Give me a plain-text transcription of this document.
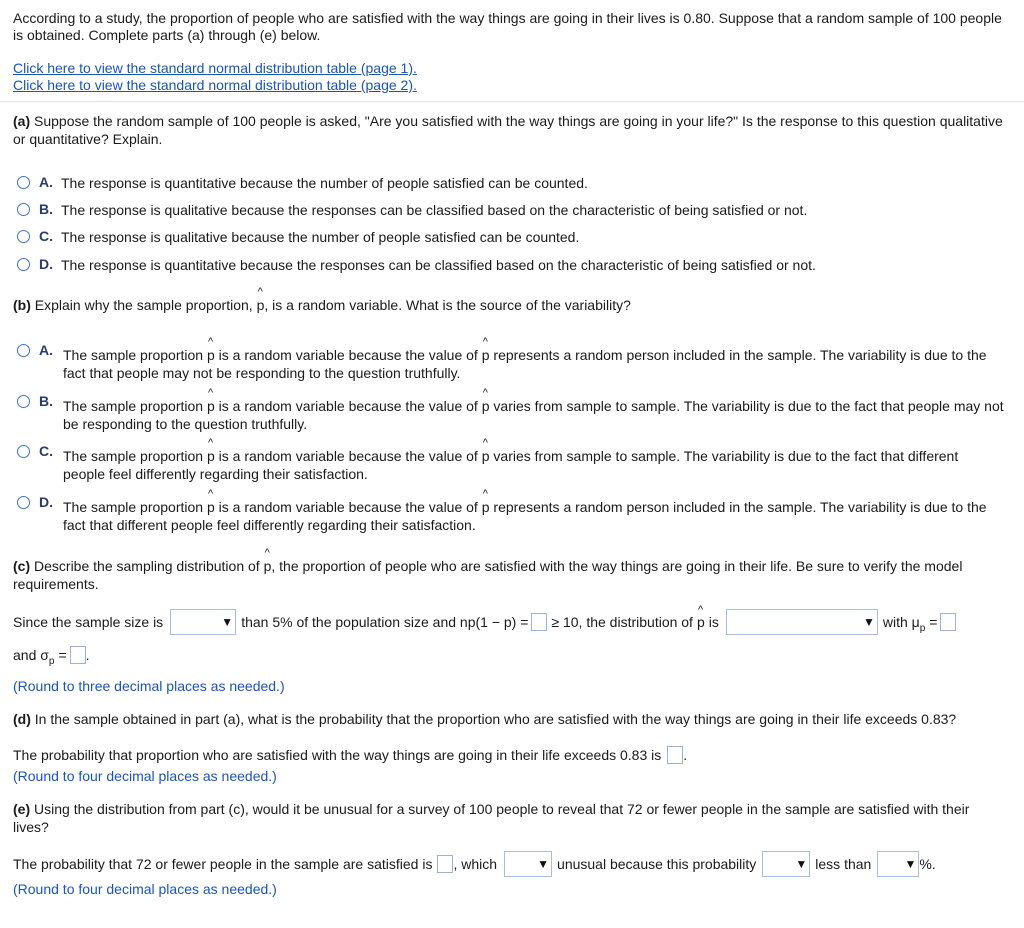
According to a study, the proportion of people who are satisfied with the way things are going in their lives is 0.80. Suppose that a random sample of 100 people is obtained. Complete parts (a) through (e) below.
Click here to view the standard normal distribution table (page 1).
Click here to view the standard normal distribution table (page 2).
(a) Suppose the random sample of 100 people is asked, "Are you satisfied with the way things are going in your life?" Is the response to this question qualitative or quantitative? Explain.
A. The response is quantitative because the number of people satisfied can be counted.
B. The response is qualitative because the responses can be classified based on the characteristic of being satisfied or not.
C. The response is qualitative because the number of people satisfied can be counted.
D. The response is quantitative because the responses can be classified based on the characteristic of being satisfied or not.
(b) Explain why the sample proportion, ^ p, is a random variable. What is the source of the variability?
A. The sample proportion ^ p is a random variable because the value of ^ p represents a random person included in the sample. The variability is due to the fact that people may not be responding to the question truthfully.
B. The sample proportion ^ p is a random variable because the value of ^ p varies from sample to sample. The variability is due to the fact that people may not be responding to the question truthfully.
C. The sample proportion ^ p is a random variable because the value of ^ p varies from sample to sample. The variability is due to the fact that different people feel differently regarding their satisfaction.
D. The sample proportion ^ p is a random variable because the value of ^ p represents a random person included in the sample. The variability is due to the fact that different people feel differently regarding their satisfaction.
(c) Describe the sampling distribution of ^ p, the proportion of people who are satisfied with the way things are going in their life. Be sure to verify the model requirements.
Since the sample size is	▼ than 5% of the population size and np(1 − p) = ≥ 10, the distribution of ^ p is	▼ with μ p =
and σ p = .
(Round to three decimal places as needed.)
(d) In the sample obtained in part (a), what is the probability that the proportion who are satisfied with the way things are going in their life exceeds 0.83?
The probability that proportion who are satisfied with the way things are going in their life exceeds 0.83 is .
(Round to four decimal places as needed.)
(e) Using the distribution from part (c), would it be unusual for a survey of 100 people to reveal that 72 or fewer people in the sample are satisfied with their lives?
The probability that 72 or fewer people in the sample are satisfied is , which	▼ unusual because this probability	▼ less than	▼ %.
(Round to four decimal places as needed.)
